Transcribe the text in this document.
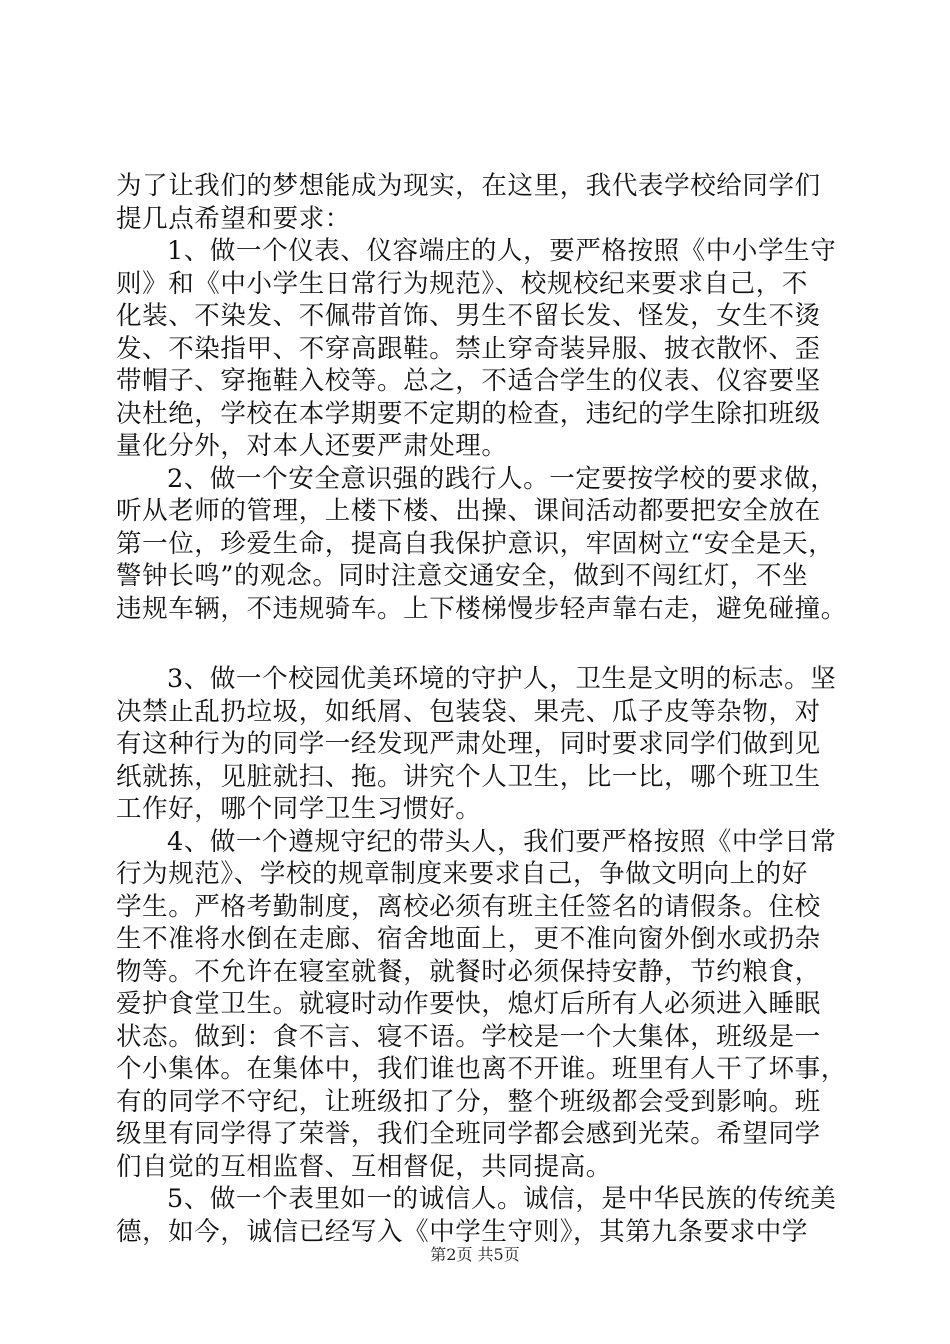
为了让我们的梦想能成为现实，在这里，我代表学校给同学们
提几点希望和要求：
1、做一个仪表、仪容端庄的人，要严格按照《中小学生守
则》和《中小学生日常行为规范》、校规校纪来要求自己，不
化装、不染发、不佩带首饰、男生不留长发、怪发，女生不烫
发、不染指甲、不穿高跟鞋。禁止穿奇装异服、披衣散怀、歪
带帽子、穿拖鞋入校等。总之，不适合学生的仪表、仪容要坚
决杜绝，学校在本学期要不定期的检查，违纪的学生除扣班级
量化分外，对本人还要严肃处理。
2、做一个安全意识强的践行人。一定要按学校的要求做，
听从老师的管理，上楼下楼、出操、课间活动都要把安全放在
第一位，珍爱生命，提高自我保护意识，牢固树立“安全是天，
警钟长鸣”的观念。同时注意交通安全，做到不闯红灯，不坐
违规车辆，不违规骑车。上下楼梯慢步轻声靠右走，避免碰撞。
3、做一个校园优美环境的守护人，卫生是文明的标志。坚
决禁止乱扔垃圾，如纸屑、包装袋、果壳、瓜子皮等杂物，对
有这种行为的同学一经发现严肃处理，同时要求同学们做到见
纸就拣，见脏就扫、拖。讲究个人卫生，比一比，哪个班卫生
工作好，哪个同学卫生习惯好。
4、做一个遵规守纪的带头人，我们要严格按照《中学日常
行为规范》、学校的规章制度来要求自己，争做文明向上的好
学生。严格考勤制度，离校必须有班主任签名的请假条。住校
生不准将水倒在走廊、宿舍地面上，更不准向窗外倒水或扔杂
物等。不允许在寝室就餐，就餐时必须保持安静，节约粮食，
爱护食堂卫生。就寝时动作要快，熄灯后所有人必须进入睡眠
状态。做到：食不言、寝不语。学校是一个大集体，班级是一
个小集体。在集体中，我们谁也离不开谁。班里有人干了坏事，
有的同学不守纪，让班级扣了分，整个班级都会受到影响。班
级里有同学得了荣誉，我们全班同学都会感到光荣。希望同学
们自觉的互相监督、互相督促，共同提高。
5、做一个表里如一的诚信人。诚信，是中华民族的传统美
德，如今，诚信已经写入《中学生守则》，其第九条要求中学
第2页 共5页
